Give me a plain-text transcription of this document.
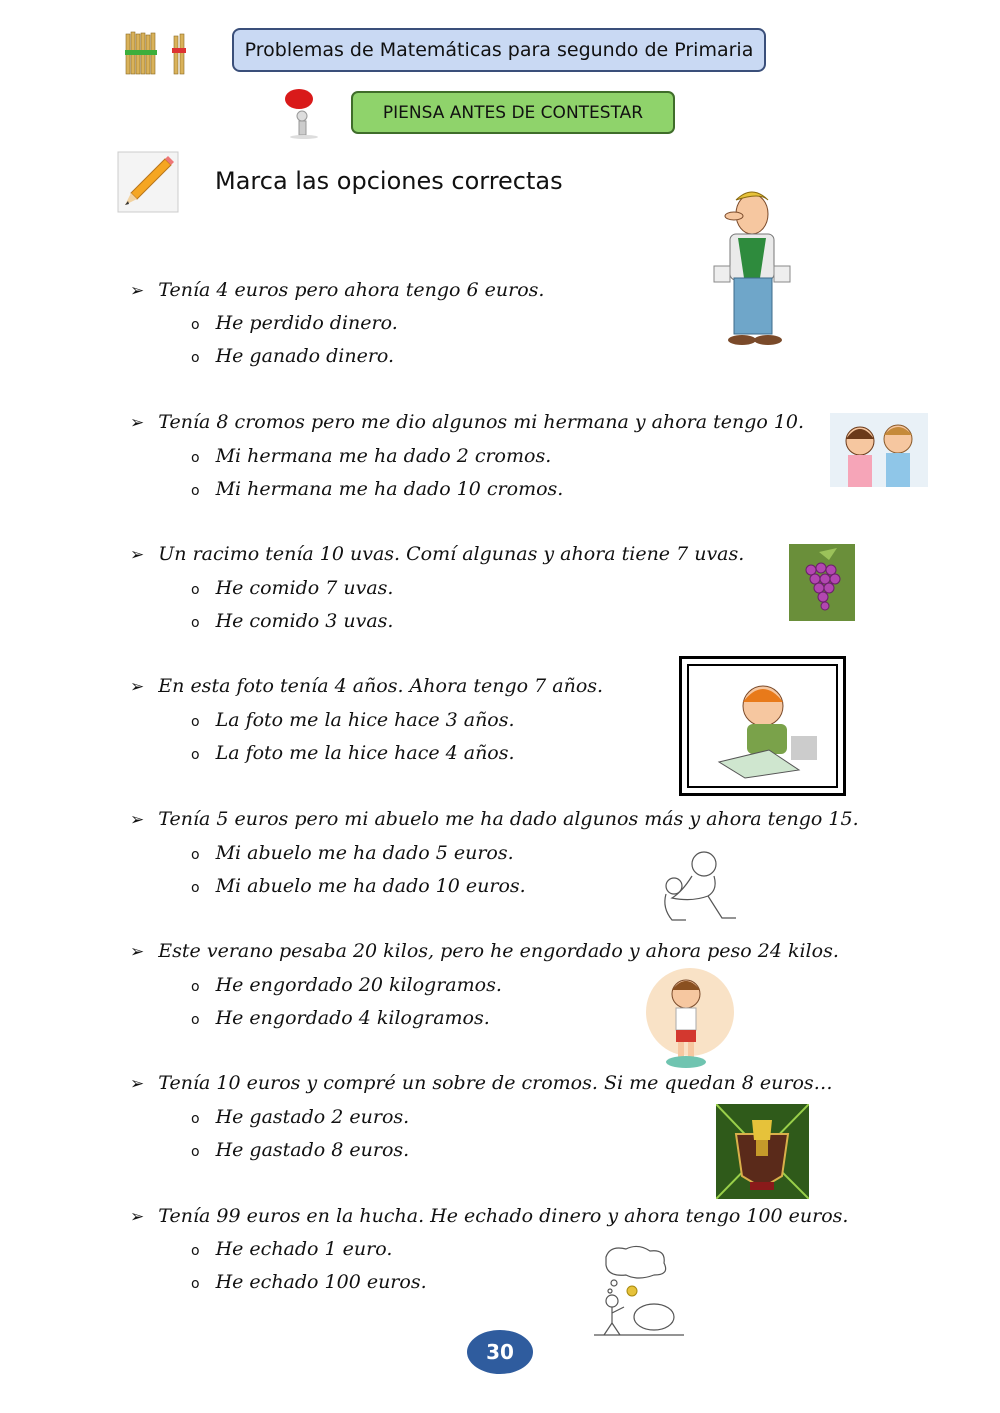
Problemas de Matemáticas para segundo de Primaria
PIENSA ANTES DE CONTESTAR
Marca las opciones correctas
➢ Tenía 4 euros pero ahora tengo 6 euros.
o He perdido dinero.
o He ganado dinero.
➢ Tenía 8 cromos pero me dio algunos mi hermana y ahora tengo 10.
o Mi hermana me ha dado 2 cromos.
o Mi hermana me ha dado 10 cromos.
➢ Un racimo tenía 10 uvas. Comí algunas y ahora tiene 7 uvas.
o He comido 7 uvas.
o He comido 3 uvas.
➢ En esta foto tenía 4 años. Ahora tengo 7 años.
o La foto me la hice hace 3 años.
o La foto me la hice hace 4 años.
➢ Tenía 5 euros pero mi abuelo me ha dado algunos más y ahora tengo 15.
o Mi abuelo me ha dado 5 euros.
o Mi abuelo me ha dado 10 euros.
➢ Este verano pesaba 20 kilos, pero he engordado y ahora peso 24 kilos.
o He engordado 20 kilogramos.
o He engordado 4 kilogramos.
➢ Tenía 10 euros y compré un sobre de cromos. Si me quedan 8 euros…
o He gastado 2 euros.
o He gastado 8 euros.
➢ Tenía 99 euros en la hucha. He echado dinero y ahora tengo 100 euros.
o He echado 1 euro.
o He echado 100 euros.
30
